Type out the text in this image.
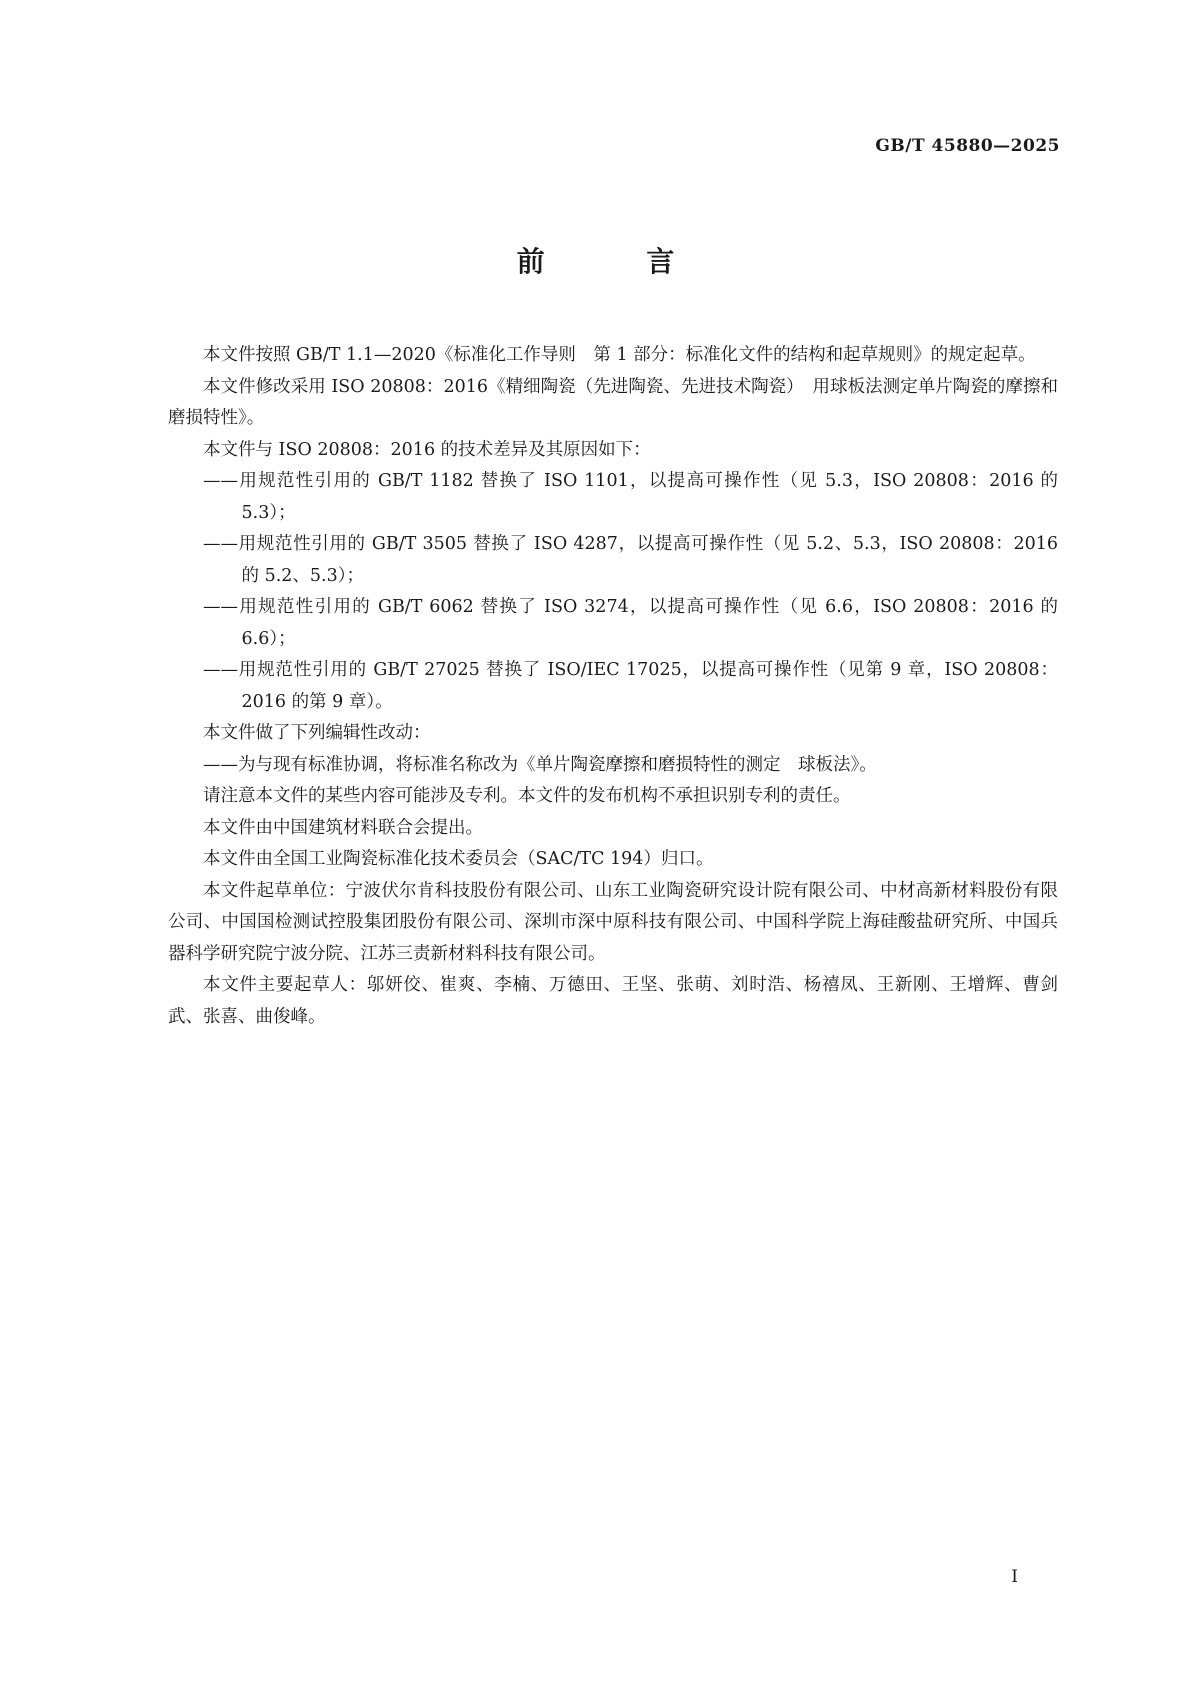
GB/T 45880—2025
前 言

本文件按照 GB/T 1.1—2020《标准化工作导则　第 1 部分：标准化文件的结构和起草规则》的规定起草。

本文件修改采用 ISO 20808：2016《精细陶瓷（先进陶瓷、先进技术陶瓷）　用球板法测定单片陶瓷的摩擦和磨损特性》。

本文件与 ISO 20808：2016 的技术差异及其原因如下：

——用规范性引用的 GB/T 1182 替换了 ISO 1101，以提高可操作性（见 5.3，ISO 20808：2016 的 5.3）；

——用规范性引用的 GB/T 3505 替换了 ISO 4287，以提高可操作性（见 5.2、5.3，ISO 20808：2016 的 5.2、5.3）；

——用规范性引用的 GB/T 6062 替换了 ISO 3274，以提高可操作性（见 6.6，ISO 20808：2016 的 6.6）；

——用规范性引用的 GB/T 27025 替换了 ISO/IEC 17025，以提高可操作性（见第 9 章，ISO 20808：2016 的第 9 章）。

本文件做了下列编辑性改动：

——为与现有标准协调，将标准名称改为《单片陶瓷摩擦和磨损特性的测定　球板法》。

请注意本文件的某些内容可能涉及专利。本文件的发布机构不承担识别专利的责任。

本文件由中国建筑材料联合会提出。

本文件由全国工业陶瓷标准化技术委员会（SAC/TC 194）归口。

本文件起草单位：宁波伏尔肯科技股份有限公司、山东工业陶瓷研究设计院有限公司、中材高新材料股份有限公司、中国国检测试控股集团股份有限公司、深圳市深中原科技有限公司、中国科学院上海硅酸盐研究所、中国兵器科学研究院宁波分院、江苏三责新材料科技有限公司。

本文件主要起草人：邬妍佼、崔爽、李楠、万德田、王坚、张萌、刘时浩、杨禧凤、王新刚、王增辉、曹剑武、张喜、曲俊峰。

I
